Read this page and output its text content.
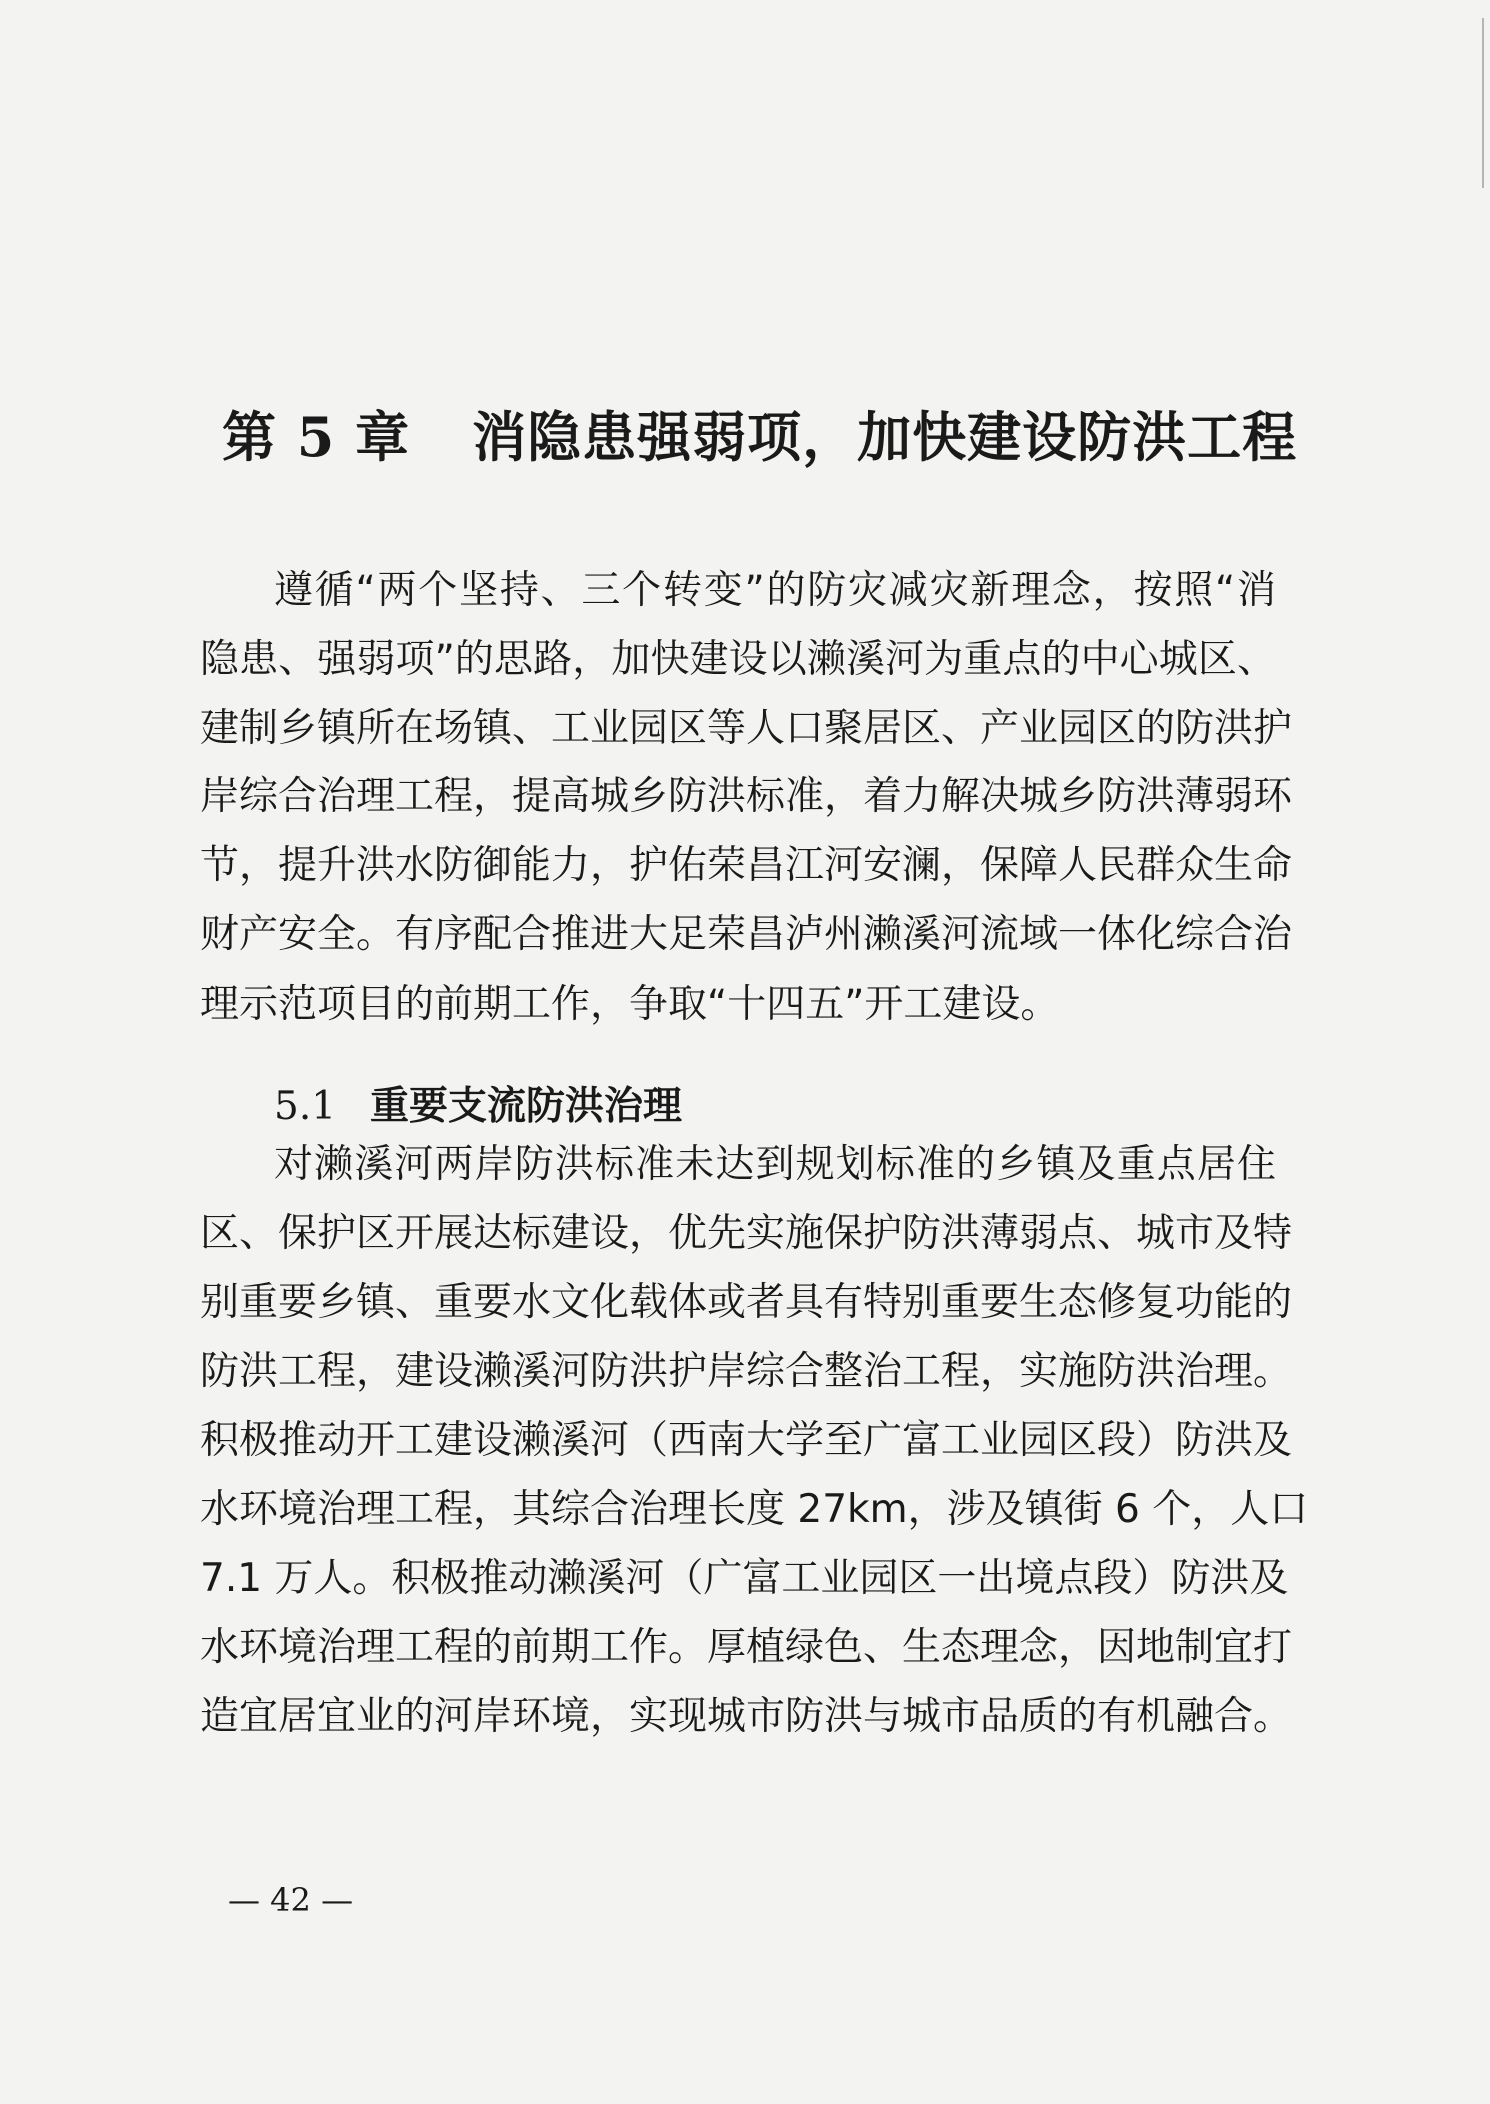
第 5 章 消隐患强弱项，加快建设防洪工程

遵循“两个坚持、三个转变”的防灾减灾新理念，按照“消

隐患、强弱项”的思路，加快建设以濑溪河为重点的中心城区、

建制乡镇所在场镇、工业园区等人口聚居区、产业园区的防洪护

岸综合治理工程，提高城乡防洪标准，着力解决城乡防洪薄弱环

节，提升洪水防御能力，护佑荣昌江河安澜，保障人民群众生命

财产安全。有序配合推进大足荣昌泸州濑溪河流域一体化综合治

理示范项目的前期工作，争取“十四五”开工建设。

5.1 重要支流防洪治理

对濑溪河两岸防洪标准未达到规划标准的乡镇及重点居住

区、保护区开展达标建设，优先实施保护防洪薄弱点、城市及特

别重要乡镇、重要水文化载体或者具有特别重要生态修复功能的

防洪工程，建设濑溪河防洪护岸综合整治工程，实施防洪治理。

积极推动开工建设濑溪河（西南大学至广富工业园区段）防洪及

水环境治理工程，其综合治理长度 27km，涉及镇街 6 个，人口

7.1 万人。积极推动濑溪河（广富工业园区一出境点段）防洪及

水环境治理工程的前期工作。厚植绿色、生态理念，因地制宜打

造宜居宜业的河岸环境，实现城市防洪与城市品质的有机融合。

— 42 —
